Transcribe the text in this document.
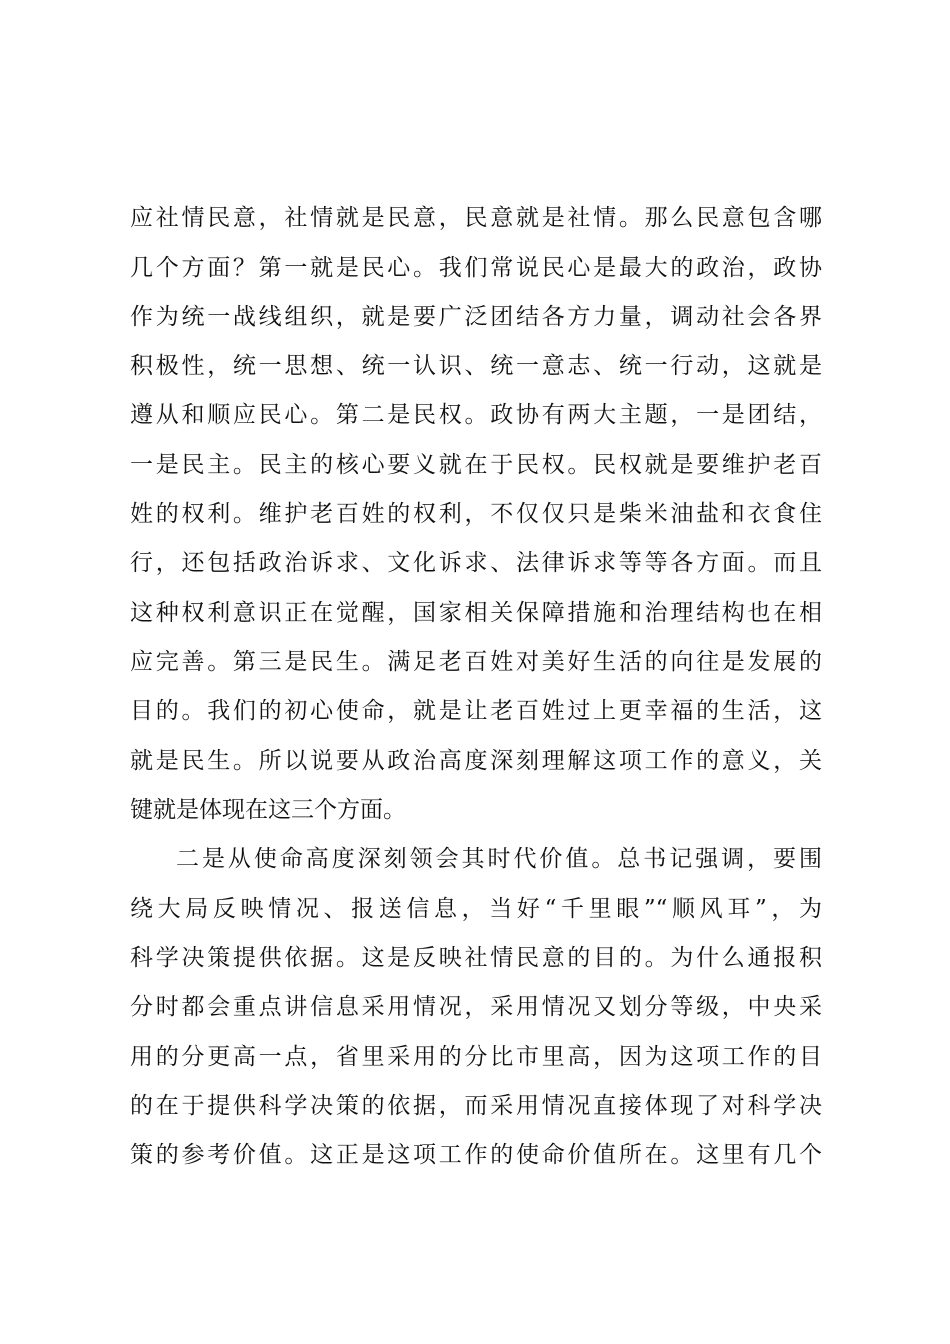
应社情民意，社情就是民意，民意就是社情。那么民意包含哪
几个方面？第一就是民心。我们常说民心是最大的政治，政协
作为统一战线组织，就是要广泛团结各方力量，调动社会各界
积极性，统一思想、统一认识、统一意志、统一行动，这就是
遵从和顺应民心。第二是民权。政协有两大主题，一是团结，
一是民主。民主的核心要义就在于民权。民权就是要维护老百
姓的权利。维护老百姓的权利，不仅仅只是柴米油盐和衣食住
行，还包括政治诉求、文化诉求、法律诉求等等各方面。而且
这种权利意识正在觉醒，国家相关保障措施和治理结构也在相
应完善。第三是民生。满足老百姓对美好生活的向往是发展的
目的。我们的初心使命，就是让老百姓过上更幸福的生活，这
就是民生。所以说要从政治高度深刻理解这项工作的意义，关
键就是体现在这三个方面。
二是从使命高度深刻领会其时代价值。总书记强调，要围
绕大局反映情况、报送信息，当好“千里眼”“顺风耳”，为
科学决策提供依据。这是反映社情民意的目的。为什么通报积
分时都会重点讲信息采用情况，采用情况又划分等级，中央采
用的分更高一点，省里采用的分比市里高，因为这项工作的目
的在于提供科学决策的依据，而采用情况直接体现了对科学决
策的参考价值。这正是这项工作的使命价值所在。这里有几个
